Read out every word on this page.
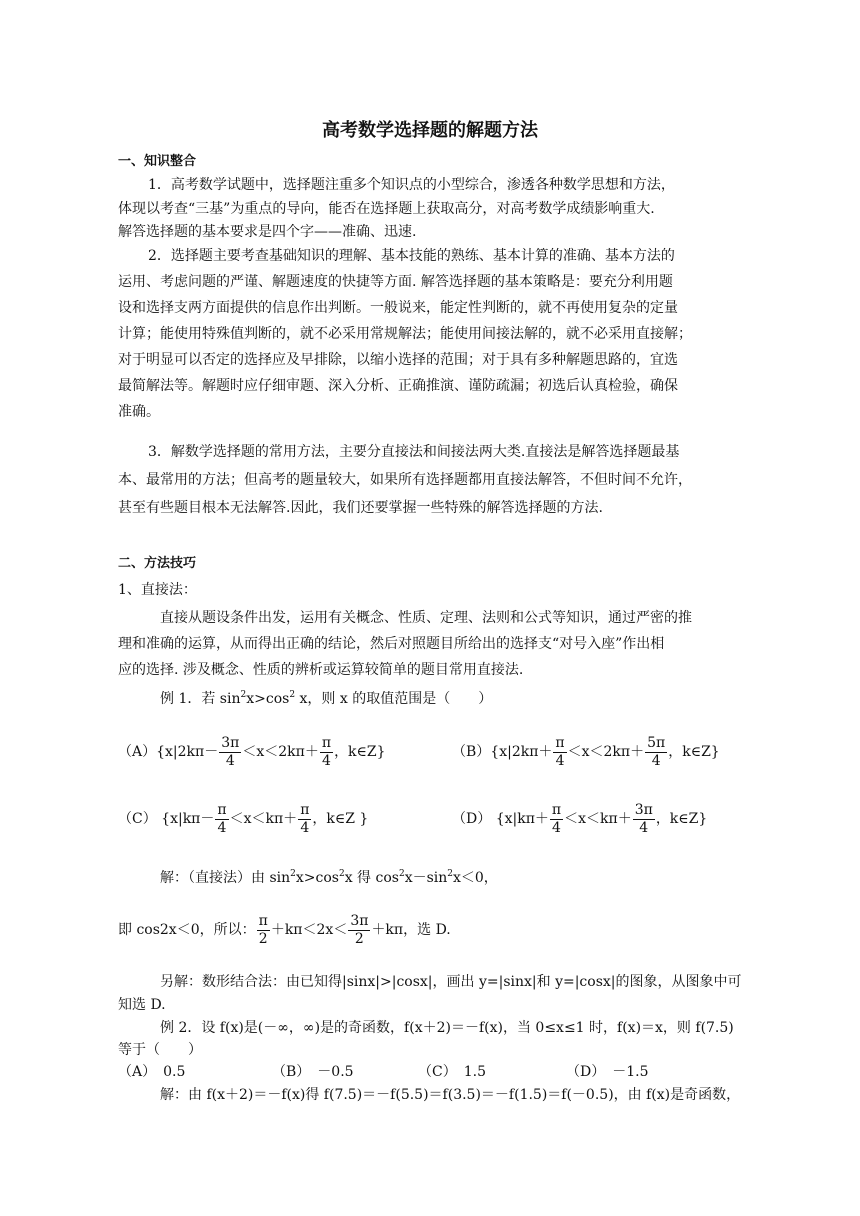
高考数学选择题的解题方法
一、知识整合
1．高考数学试题中，选择题注重多个知识点的小型综合，渗透各种数学思想和方法，
体现以考查“三基”为重点的导向，能否在选择题上获取高分，对高考数学成绩影响重大.
解答选择题的基本要求是四个字——准确、迅速.
2．选择题主要考查基础知识的理解、基本技能的熟练、基本计算的准确、基本方法的
运用、考虑问题的严谨、解题速度的快捷等方面. 解答选择题的基本策略是：要充分利用题
设和选择支两方面提供的信息作出判断。一般说来，能定性判断的，就不再使用复杂的定量
计算；能使用特殊值判断的，就不必采用常规解法；能使用间接法解的，就不必采用直接解；
对于明显可以否定的选择应及早排除，以缩小选择的范围；对于具有多种解题思路的，宜选
最简解法等。解题时应仔细审题、深入分析、正确推演、谨防疏漏；初选后认真检验，确保
准确。
3．解数学选择题的常用方法，主要分直接法和间接法两大类.直接法是解答选择题最基
本、最常用的方法；但高考的题量较大，如果所有选择题都用直接法解答，不但时间不允许，
甚至有些题目根本无法解答.因此，我们还要掌握一些特殊的解答选择题的方法.
二、方法技巧
1、直接法：
直接从题设条件出发，运用有关概念、性质、定理、法则和公式等知识，通过严密的推
理和准确的运算，从而得出正确的结论，然后对照题目所给出的选择支“对号入座”作出相
应的选择. 涉及概念、性质的辨析或运算较简单的题目常用直接法.
例 1．若 $\sin^2x>\cos^2$ x，则 x 的取值范围是（　　）
$(A)\{x|2k\pi- \frac{3\pi}{4} <x<2k\pi+ \frac{\pi}{4}$ ，k∈Z}	$(B)\{x|2k\pi+ \frac{\pi}{4} <x<2k\pi+ \frac{5\pi}{4}$ ，k∈Z}
（C） {$x|k\pi- \frac{\pi}{4} <x<k\pi+ \frac{\pi}{4}$ ，k∈Z }	（D） {$x|k\pi+ \frac{\pi}{4} <x<k\pi+ \frac{3\pi}{4}$ ，k∈Z}
解：（直接法）由 $\sin^2x>\cos^2x$ 得 $\cos^2x-\sin^2x<0$，
即 cos2x＜0，所以： $\frac{\pi}{2} +k\pi<2x< \frac{3\pi}{2} +k\pi$，选 D.
另解：数形结合法：由已知得|sinx|>|cosx|，画出 y=|sinx|和 y=|cosx|的图象，从图象中可
知选 D.
例 2．设 f(x)是(－∞，∞)是的奇函数，f(x＋2)＝－f(x)，当 0≤x≤1 时，f(x)＝x，则 f(7.5)
等于（　　）
（A）　0.5	（B）　－0.5	（C）　1.5	（D）　－1.5
解：由 f(x＋2)＝－f(x)得 f(7.5)＝－f(5.5)＝f(3.5)＝－f(1.5)＝f(－0.5)，由 f(x)是奇函数，
